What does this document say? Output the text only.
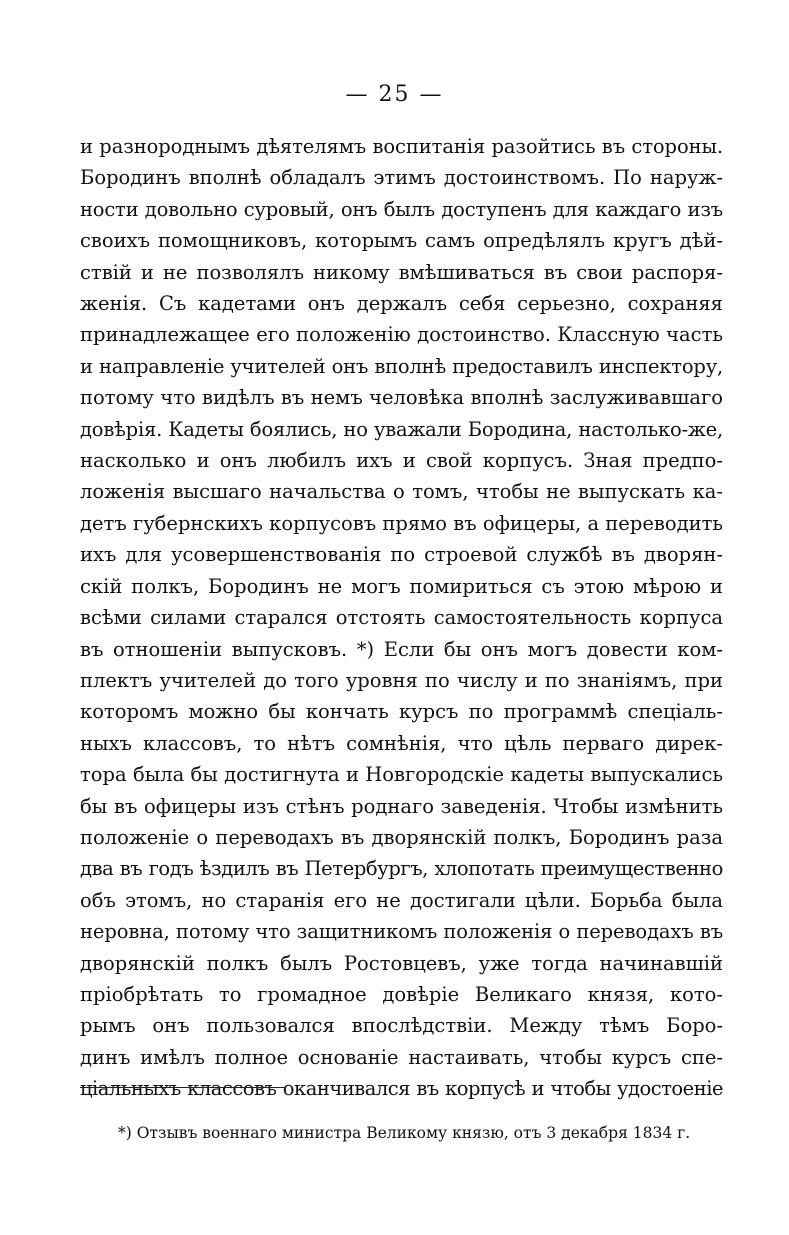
— 25 —
и разнороднымъ дѣятелямъ воспитанія разойтись въ стороны.
Бородинъ вполнѣ обладалъ этимъ достоинствомъ. По наруж-
ности довольно суровый, онъ былъ доступенъ для каждаго изъ
своихъ помощниковъ, которымъ самъ опредѣлялъ кругъ дѣй-
ствій и не позволялъ никому вмѣшиваться въ свои распоря-
женія. Съ кадетами онъ держалъ себя серьезно, сохраняя
принадлежащее его положенію достоинство. Классную часть
и направленіе учителей онъ вполнѣ предоставилъ инспектору,
потому что видѣлъ въ немъ человѣка вполнѣ заслуживавшаго
довѣрія. Кадеты боялись, но уважали Бородина, настолько-же,
насколько и онъ любилъ ихъ и свой корпусъ. Зная предпо-
ложенія высшаго начальства о томъ, чтобы не выпускать ка-
детъ губернскихъ корпусовъ прямо въ офицеры, а переводить
ихъ для усовершенствованія по строевой службѣ въ дворян-
скій полкъ, Бородинъ не могъ помириться съ этою мѣрою и
всѣми силами старался отстоять самостоятельность корпуса
въ отношеніи выпусковъ. *) Если бы онъ могъ довести ком-
плектъ учителей до того уровня по числу и по знаніямъ, при
которомъ можно бы кончать курсъ по программѣ спеціаль-
ныхъ классовъ, то нѣтъ сомнѣнія, что цѣль перваго дирек-
тора была бы достигнута и Новгородскіе кадеты выпускались
бы въ офицеры изъ стѣнъ роднаго заведенія. Чтобы измѣнить
положеніе о переводахъ въ дворянскій полкъ, Бородинъ раза
два въ годъ ѣздилъ въ Петербургъ, хлопотать преимущественно
объ этомъ, но старанія его не достигали цѣли. Борьба была
неровна, потому что защитникомъ положенія о переводахъ въ
дворянскій полкъ былъ Ростовцевъ, уже тогда начинавшій
пріобрѣтать то громадное довѣріе Великаго князя, кото-
рымъ онъ пользовался впослѣдствіи. Между тѣмъ Боро-
динъ имѣлъ полное основаніе настаивать, чтобы курсъ спе-
ціальныхъ классовъ оканчивался въ корпусѣ и чтобы удостоеніе
*) Отзывъ военнаго министра Великому князю, отъ 3 декабря 1834 г.
